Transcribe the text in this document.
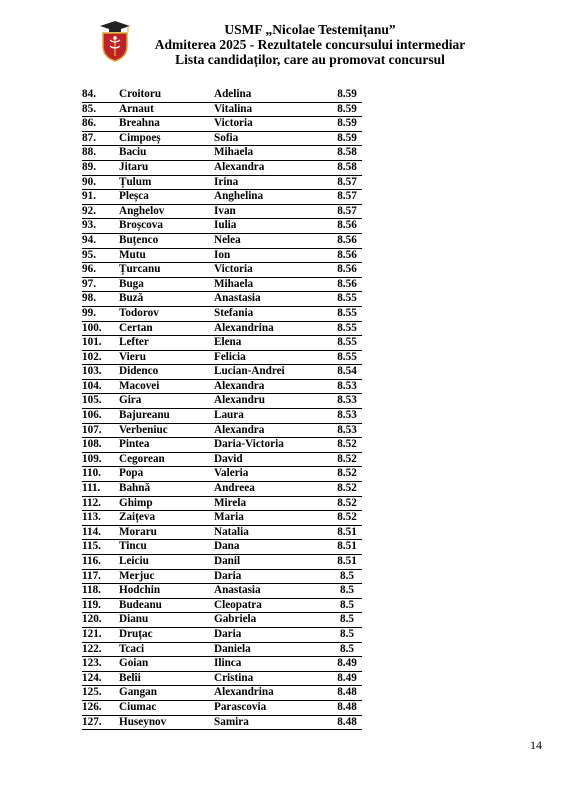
USMF „Nicolae Testemițanu”
Admiterea 2025 - Rezultatele concursului intermediar
Lista candidaților, care au promovat concursul
84.	Croitoru	Adelina	8.59
85.	Arnaut	Vitalina	8.59
86.	Breahna	Victoria	8.59
87.	Cimpoeș	Sofia	8.59
88.	Baciu	Mihaela	8.58
89.	Jitaru	Alexandra	8.58
90.	Țulum	Irina	8.57
91.	Pleșca	Anghelina	8.57
92.	Anghelov	Ivan	8.57
93.	Broșcova	Iulia	8.56
94.	Buțenco	Nelea	8.56
95.	Mutu	Ion	8.56
96.	Țurcanu	Victoria	8.56
97.	Buga	Mihaela	8.56
98.	Buză	Anastasia	8.55
99.	Todorov	Stefania	8.55
100.	Certan	Alexandrina	8.55
101.	Lefter	Elena	8.55
102.	Vieru	Felicia	8.55
103.	Didenco	Lucian-Andrei	8.54
104.	Macovei	Alexandra	8.53
105.	Gira	Alexandru	8.53
106.	Bajureanu	Laura	8.53
107.	Verbeniuc	Alexandra	8.53
108.	Pintea	Daria-Victoria	8.52
109.	Cegorean	David	8.52
110.	Popa	Valeria	8.52
111.	Bahnă	Andreea	8.52
112.	Ghimp	Mirela	8.52
113.	Zaițeva	Maria	8.52
114.	Moraru	Natalia	8.51
115.	Tincu	Dana	8.51
116.	Leiciu	Danil	8.51
117.	Merjuc	Daria	8.5
118.	Hodchin	Anastasia	8.5
119.	Budeanu	Cleopatra	8.5
120.	Dianu	Gabriela	8.5
121.	Druțac	Daria	8.5
122.	Tcaci	Daniela	8.5
123.	Goian	Ilinca	8.49
124.	Belîi	Cristina	8.49
125.	Gangan	Alexandrina	8.48
126.	Ciumac	Parascovia	8.48
127.	Huseynov	Samira	8.48
14
